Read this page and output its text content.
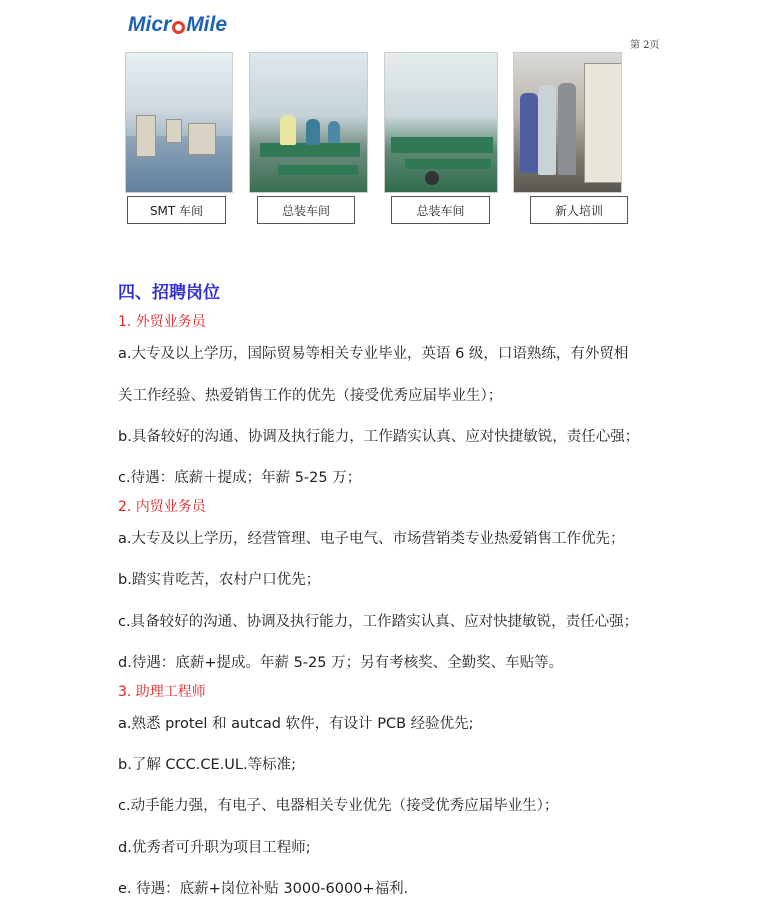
Micr Mile
第 2页
SMT 车间	总装车间	总装车间	新人培训
四、招聘岗位
1. 外贸业务员
a.大专及以上学历，国际贸易等相关专业毕业，英语 6 级，口语熟练，有外贸相
关工作经验、热爱销售工作的优先（接受优秀应届毕业生）；
b.具备较好的沟通、协调及执行能力，工作踏实认真、应对快捷敏锐，责任心强；
c.待遇：底薪＋提成；年薪 5-25 万；
2. 内贸业务员
a.大专及以上学历，经营管理、电子电气、市场营销类专业热爱销售工作优先；
b.踏实肯吃苦，农村户口优先；
c.具备较好的沟通、协调及执行能力，工作踏实认真、应对快捷敏锐，责任心强；
d.待遇：底薪+提成。年薪 5-25 万；另有考核奖、全勤奖、车贴等。
3. 助理工程师
a.熟悉 protel 和 autcad 软件，有设计 PCB 经验优先;
b.了解 CCC.CE.UL.等标准;
c.动手能力强，有电子、电器相关专业优先（接受优秀应届毕业生）；
d.优秀者可升职为项目工程师;
e. 待遇：底薪+岗位补贴 3000-6000+福利.
